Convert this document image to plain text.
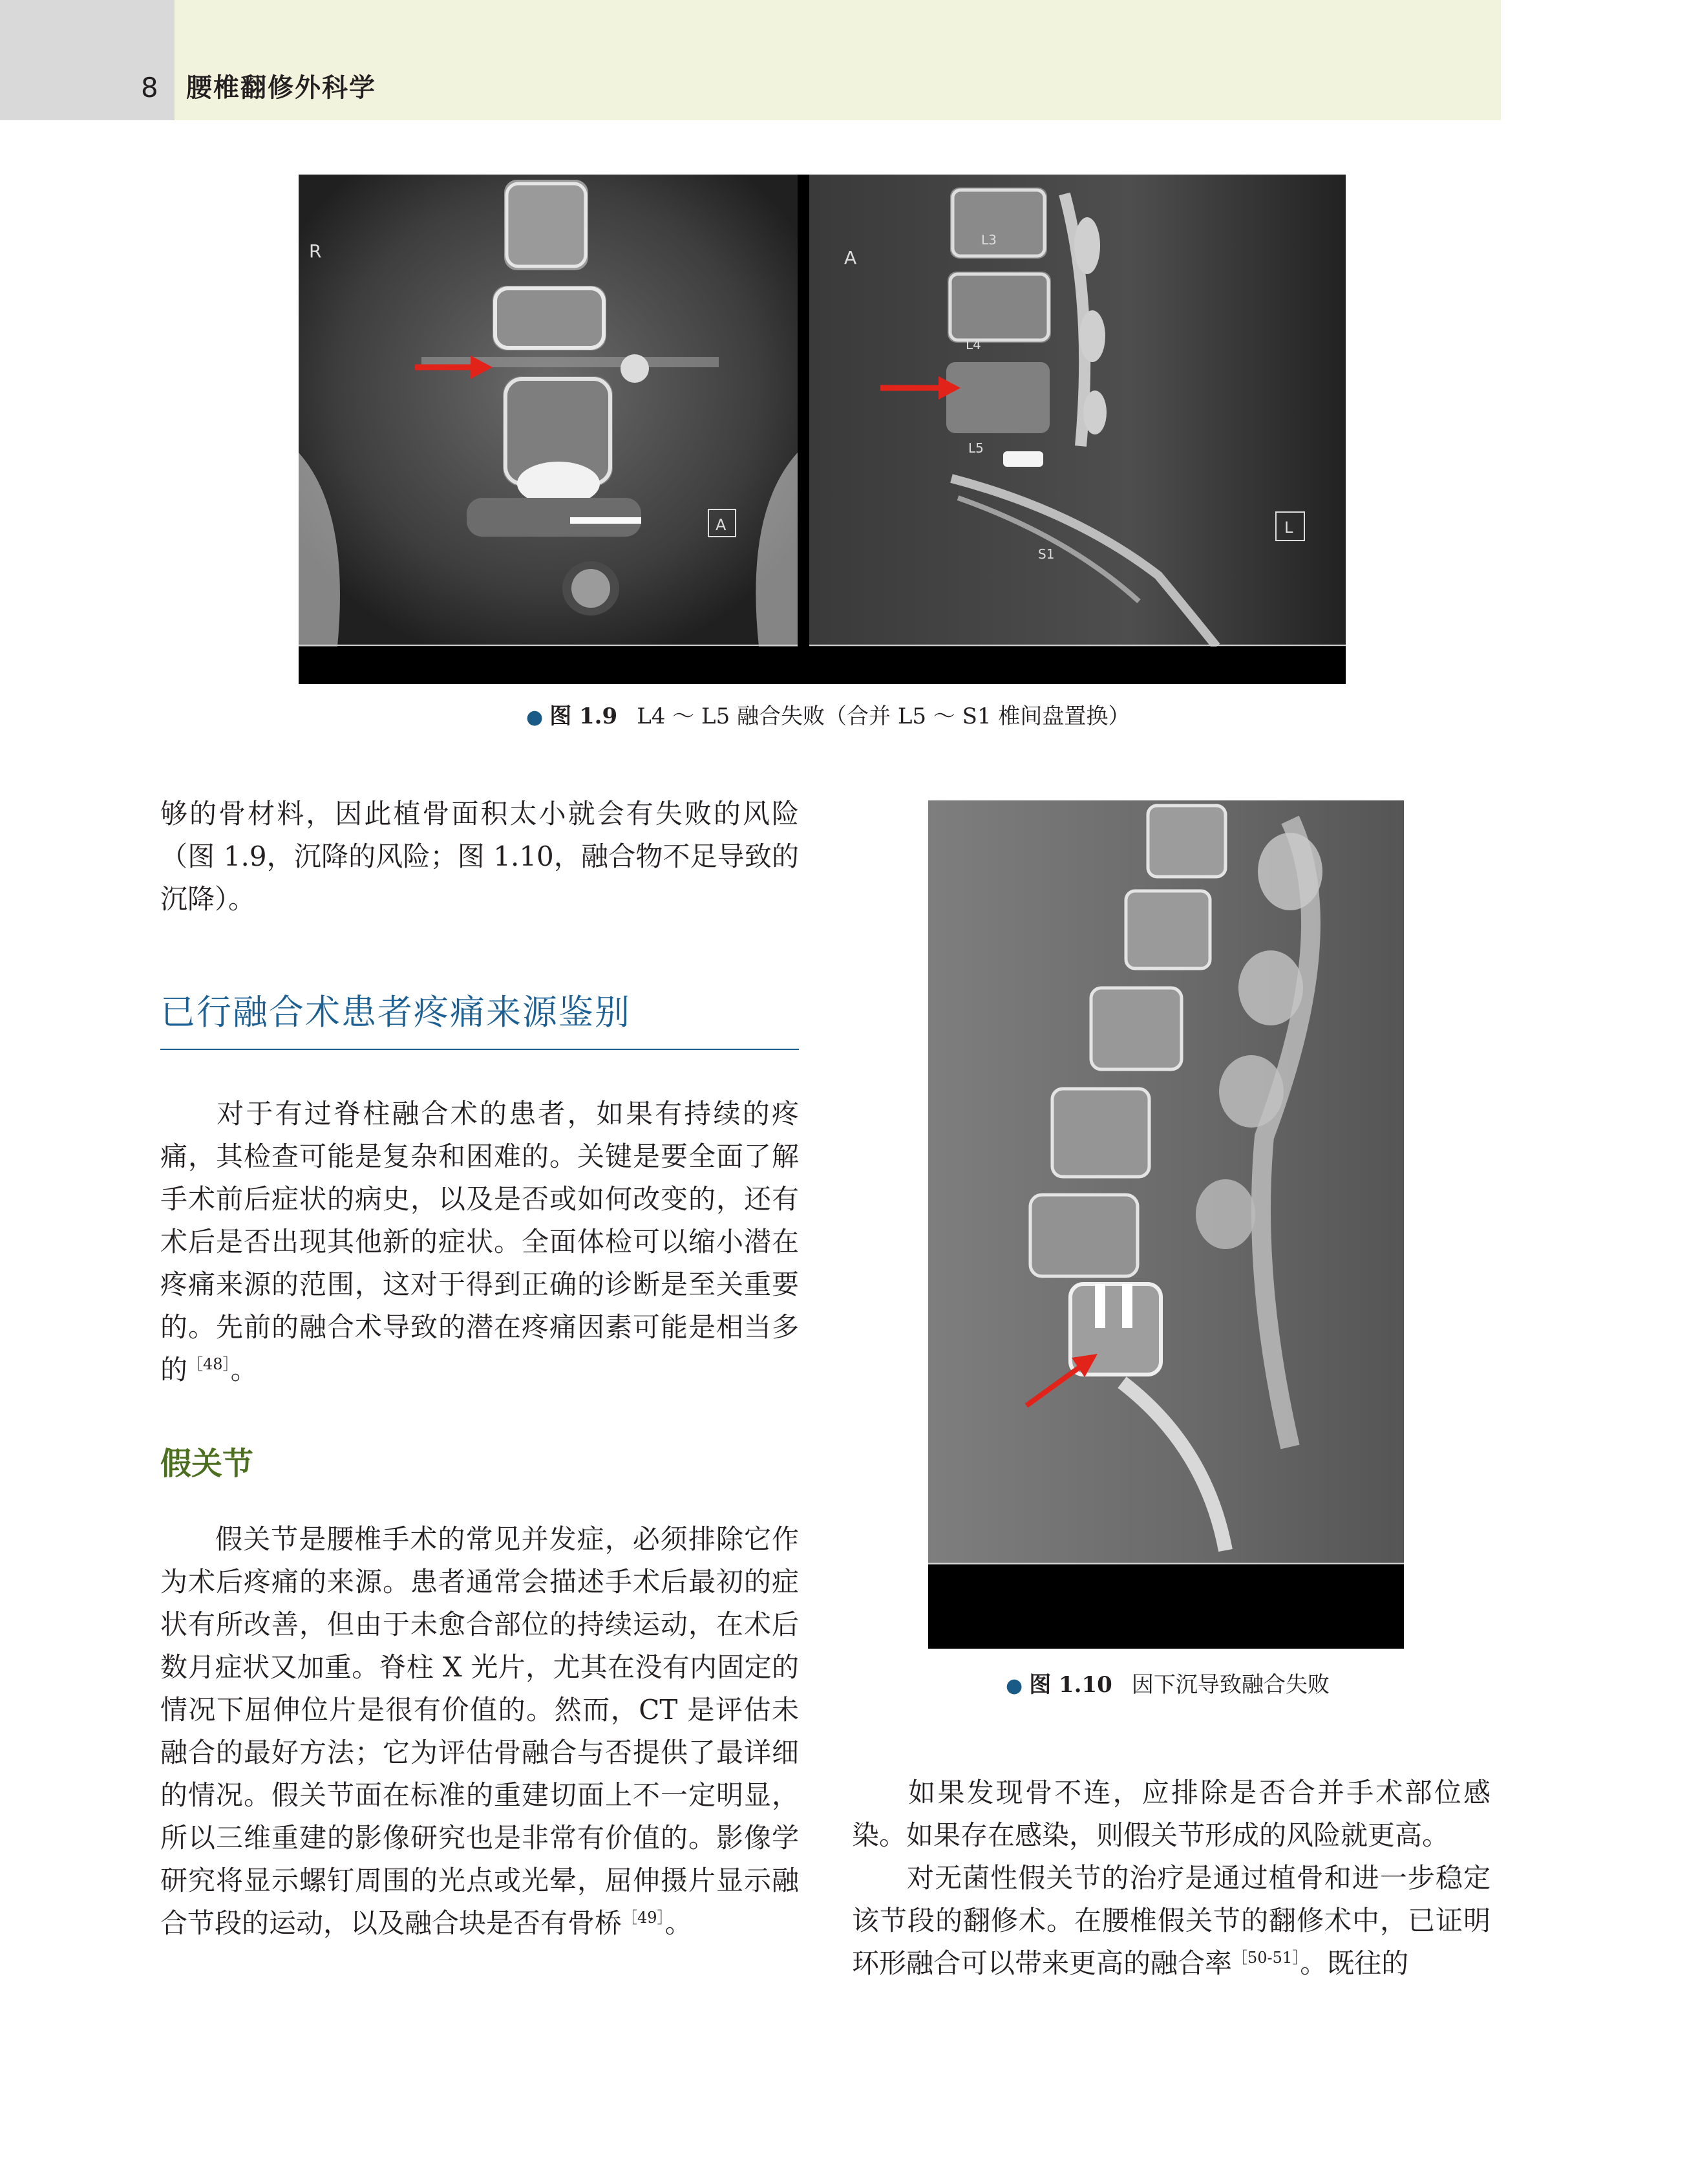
8 腰椎翻修外科学
R
A
A
L3
L4
L5
S1
L
● 图 1.9 L4 ～ L5 融合失败（合并 L5 ～ S1 椎间盘置换）
● 图 1.10 因下沉导致融合失败
够的骨材料，因此植骨面积太小就会有失败的风险（图 1.9，沉降的风险；图 1.10，融合物不足导致的沉降）。
已行融合术患者疼痛来源鉴别
对于有过脊柱融合术的患者，如果有持续的疼痛，其检查可能是复杂和困难的。关键是要全面了解手术前后症状的病史，以及是否或如何改变的，还有术后是否出现其他新的症状。全面体检可以缩小潜在疼痛来源的范围，这对于得到正确的诊断是至关重要的。先前的融合术导致的潜在疼痛因素可能是相当多的$^{[48]}$。
假关节
假关节是腰椎手术的常见并发症，必须排除它作为术后疼痛的来源。患者通常会描述手术后最初的症状有所改善，但由于未愈合部位的持续运动，在术后数月症状又加重。脊柱 X 光片，尤其在没有内固定的情况下屈伸位片是很有价值的。然而，CT 是评估未融合的最好方法；它为评估骨融合与否提供了最详细的情况。假关节面在标准的重建切面上不一定明显，所以三维重建的影像研究也是非常有价值的。影像学研究将显示螺钉周围的光点或光晕，屈伸摄片显示融合节段的运动，以及融合块是否有骨桥$^{[49]}$。
如果发现骨不连，应排除是否合并手术部位感染。如果存在感染，则假关节形成的风险就更高。
对无菌性假关节的治疗是通过植骨和进一步稳定该节段的翻修术。在腰椎假关节的翻修术中，已证明环形融合可以带来更高的融合率$^{[50-51]}$。既往的
